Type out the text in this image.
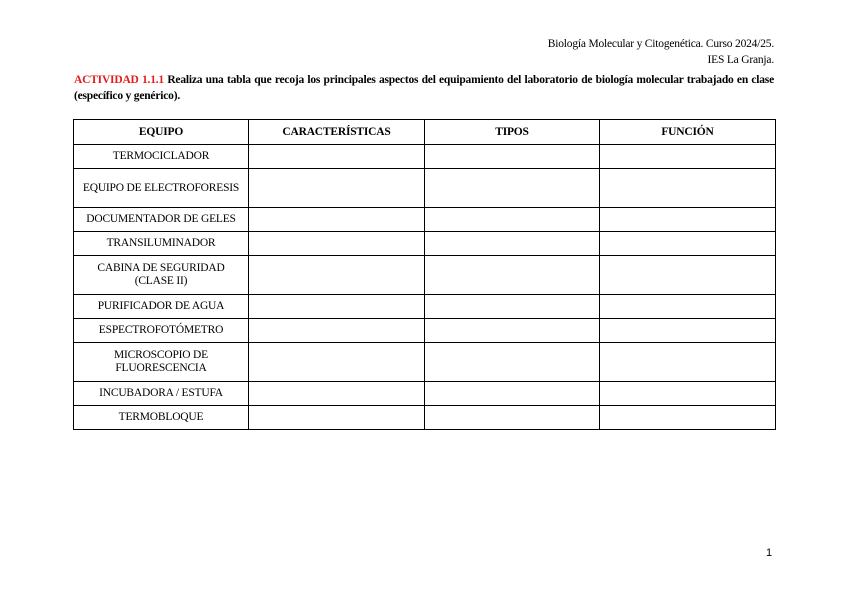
Biología Molecular y Citogenética. Curso 2024/25.
IES La Granja.
ACTIVIDAD 1.1.1 Realiza una tabla que recoja los principales aspectos del equipamiento del laboratorio de biología molecular trabajado en clase (específico y genérico).
EQUIPO	CARACTERÍSTICAS	TIPOS	FUNCIÓN
TERMOCICLADOR			
EQUIPO DE ELECTROFORESIS			
DOCUMENTADOR DE GELES			
TRANSILUMINADOR			
CABINA DE SEGURIDAD (CLASE II)			
PURIFICADOR DE AGUA			
ESPECTROFOTÓMETRO			
MICROSCOPIO DE FLUORESCENCIA			
INCUBADORA / ESTUFA			
TERMOBLOQUE			
1
